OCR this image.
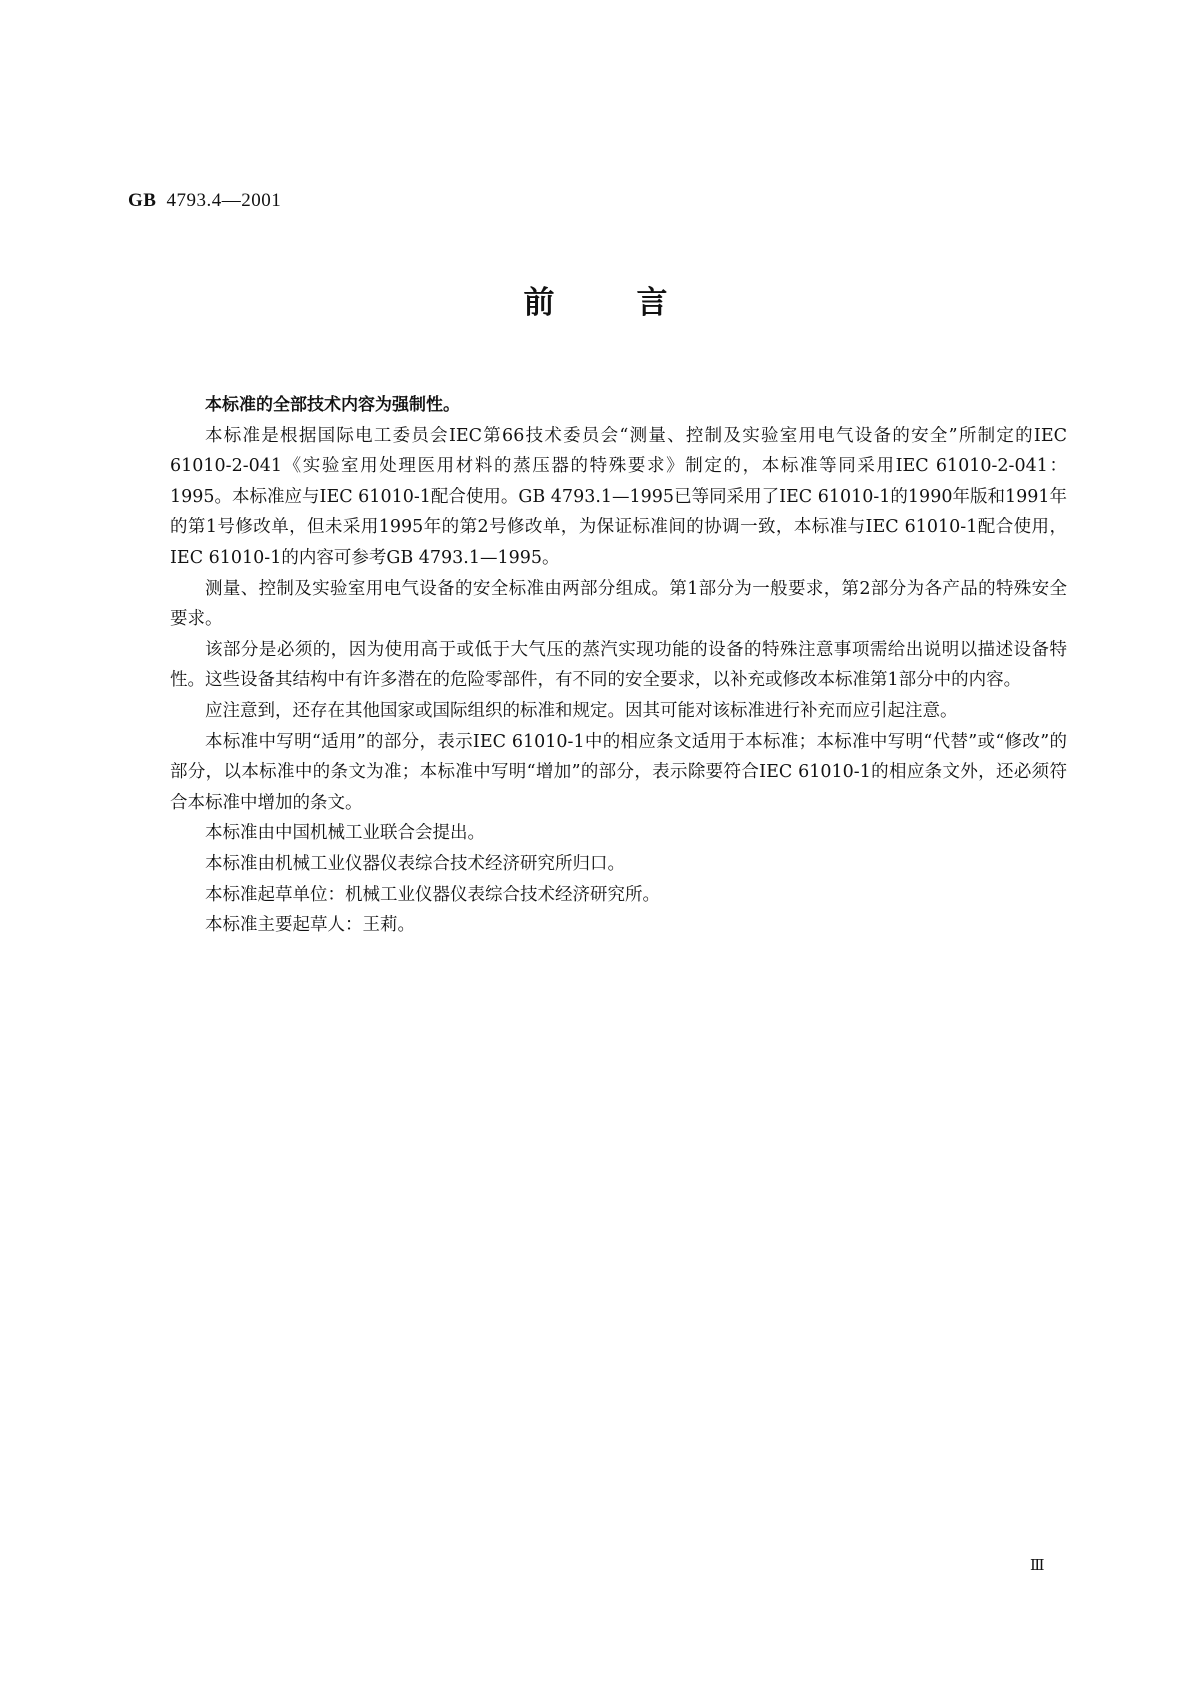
GB 4793.4—2001
前	言

本标准的全部技术内容为强制性。

本标准是根据国际电工委员会IEC第66技术委员会“测量、控制及实验室用电气设备的安全”所制定的IEC 61010-2-041《实验室用处理医用材料的蒸压器的特殊要求》制定的，本标准等同采用IEC 61010-2-041：1995。本标准应与IEC 61010-1配合使用。GB 4793.1—1995已等同采用了IEC 61010-1的1990年版和1991年的第1号修改单，但未采用1995年的第2号修改单，为保证标准间的协调一致，本标准与IEC 61010-1配合使用，IEC 61010-1的内容可参考GB 4793.1—1995。

测量、控制及实验室用电气设备的安全标准由两部分组成。第1部分为一般要求，第2部分为各产品的特殊安全要求。

该部分是必须的，因为使用高于或低于大气压的蒸汽实现功能的设备的特殊注意事项需给出说明以描述设备特性。这些设备其结构中有许多潜在的危险零部件，有不同的安全要求，以补充或修改本标准第1部分中的内容。

应注意到，还存在其他国家或国际组织的标准和规定。因其可能对该标准进行补充而应引起注意。

本标准中写明“适用”的部分，表示IEC 61010-1中的相应条文适用于本标准；本标准中写明“代替”或“修改”的部分，以本标准中的条文为准；本标准中写明“增加”的部分，表示除要符合IEC 61010-1的相应条文外，还必须符合本标准中增加的条文。

本标准由中国机械工业联合会提出。

本标准由机械工业仪器仪表综合技术经济研究所归口。

本标准起草单位：机械工业仪器仪表综合技术经济研究所。

本标准主要起草人：王莉。

Ⅲ
